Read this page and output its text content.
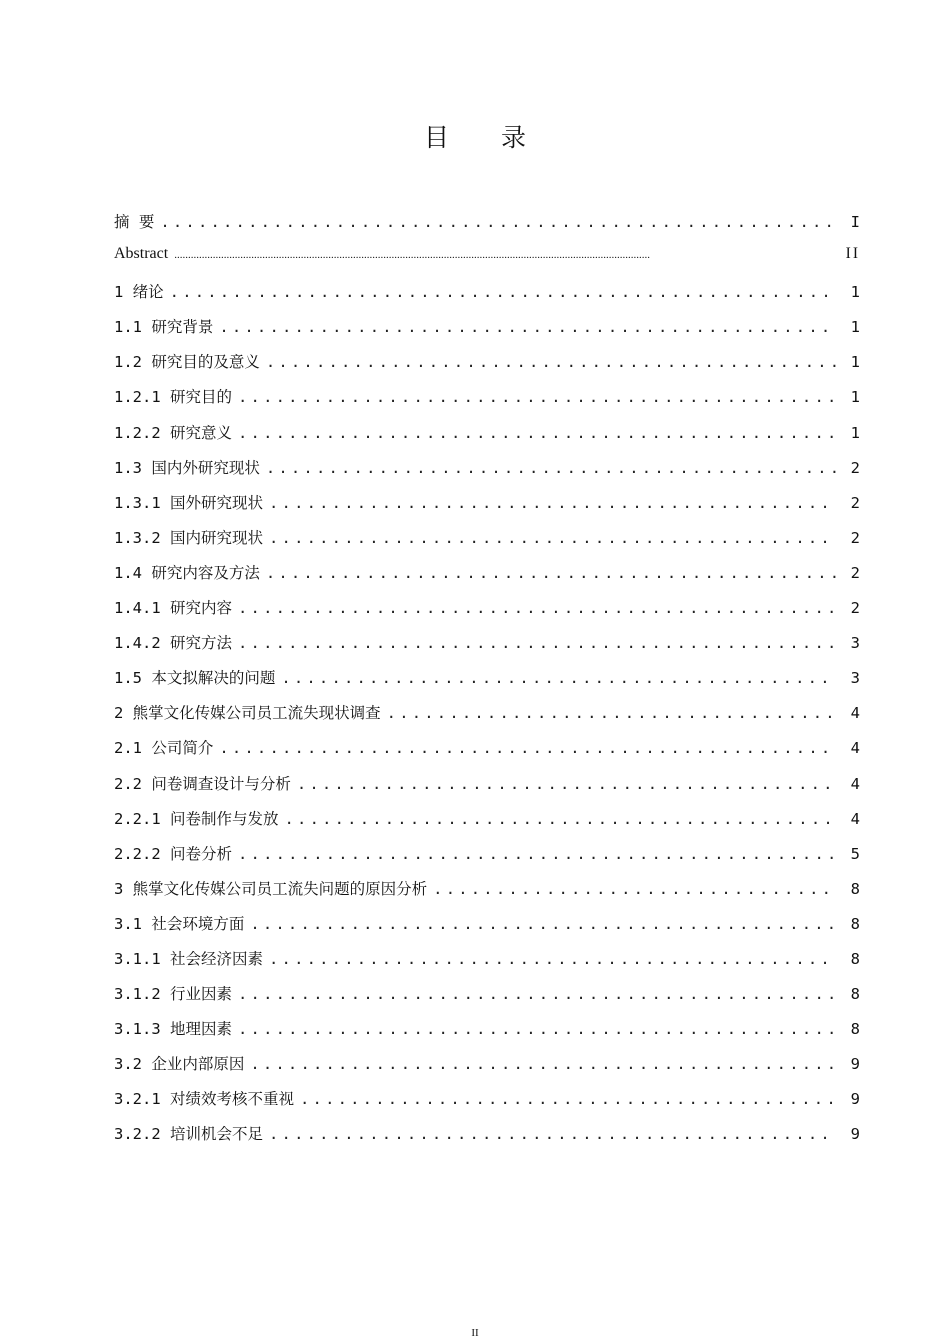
目 录
摘 要 .....	I
Abstract .....	II
1 绪论 .....	1
1.1 研究背景 .....	1
1.2 研究目的及意义 .....	1
1.2.1 研究目的 .....	1
1.2.2 研究意义 .....	1
1.3 国内外研究现状 .....	2
1.3.1 国外研究现状 .....	2
1.3.2 国内研究现状 .....	2
1.4 研究内容及方法 .....	2
1.4.1 研究内容 .....	2
1.4.2 研究方法 .....	3
1.5 本文拟解决的问题 .....	3
2 熊掌文化传媒公司员工流失现状调查 .....	4
2.1 公司简介 .....	4
2.2 问卷调查设计与分析 .....	4
2.2.1 问卷制作与发放 .....	4
2.2.2 问卷分析 .....	5
3 熊掌文化传媒公司员工流失问题的原因分析 .....	8
3.1 社会环境方面 .....	8
3.1.1 社会经济因素 .....	8
3.1.2 行业因素 .....	8
3.1.3 地理因素 .....	8
3.2 企业内部原因 .....	9
3.2.1 对绩效考核不重视 .....	9
3.2.2 培训机会不足 .....	9
II
